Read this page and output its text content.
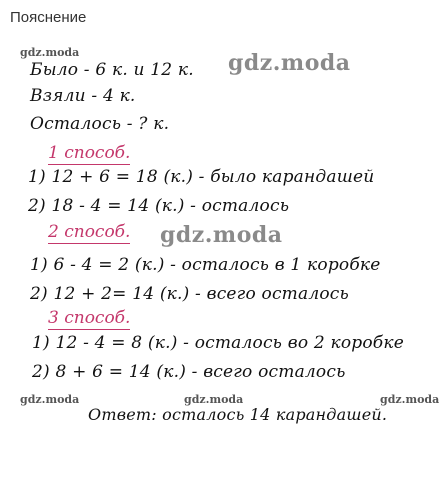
Пояснение
gdz.moda	gdz.moda
Было - 6 к. и 12 к.
Взяли - 4 к.
Осталось - ? к.
1 способ.
1) 12 + 6 = 18 (к.) - было карандашей
2) 18 - 4 = 14 (к.) - осталось
2 способ. gdz.moda
1) 6 - 4 = 2 (к.) - осталось в 1 коробке
2) 12 + 2= 14 (к.) - всего осталось
3 способ.
1) 12 - 4 = 8 (к.) - осталось во 2 коробке
2) 8 + 6 = 14 (к.) - всего осталось
gdz.moda	gdz.moda	gdz.moda
Ответ: осталось 14 карандашей.
